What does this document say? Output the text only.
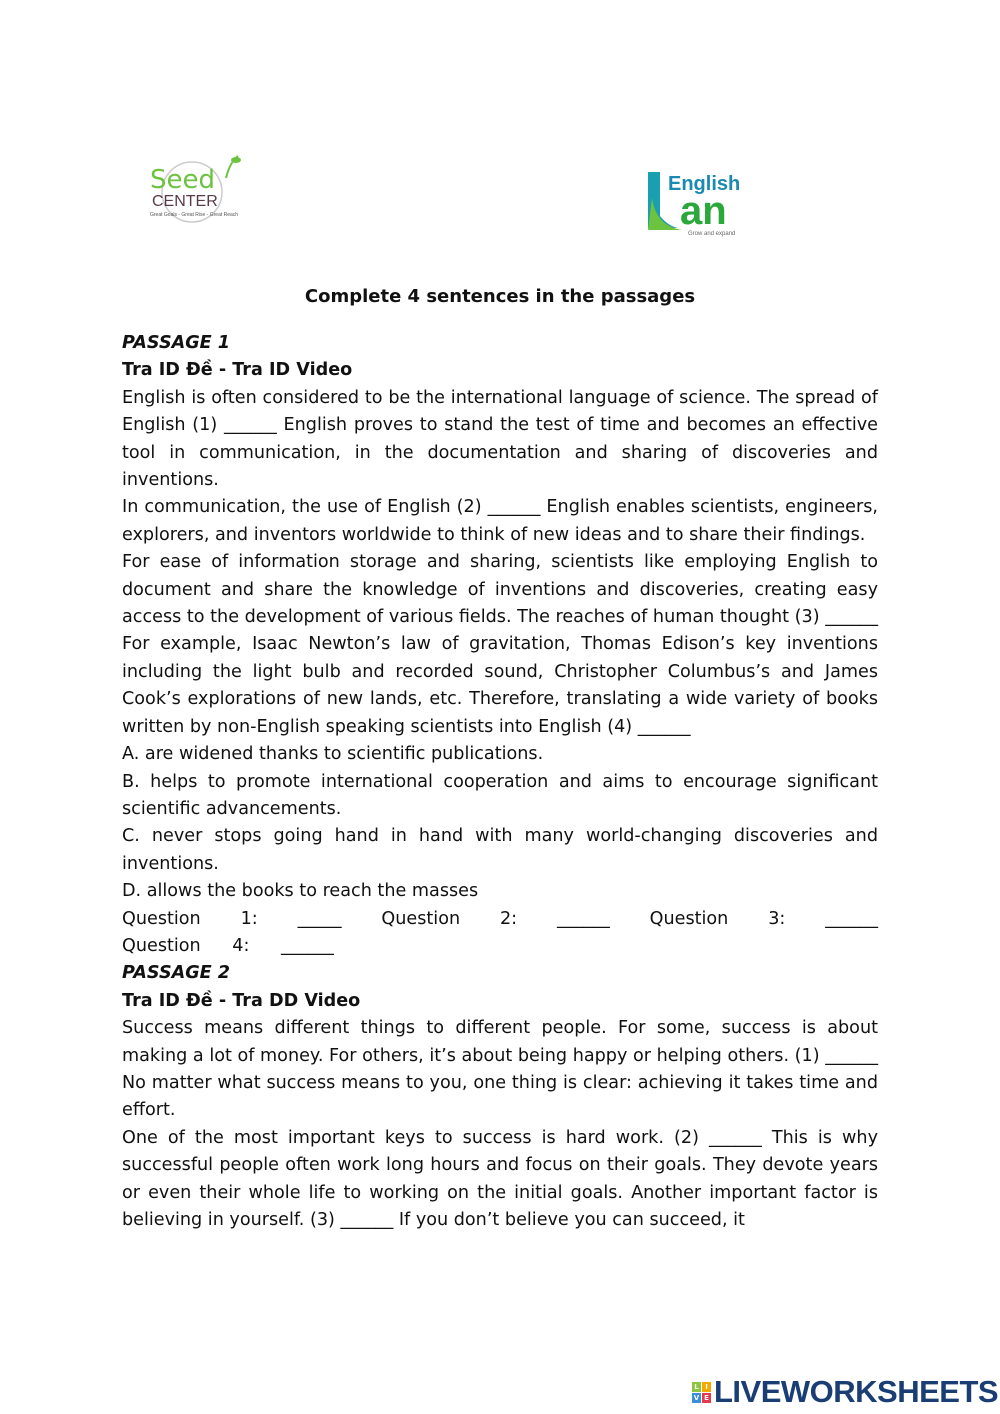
Seed
CENTER
Great Goals - Great Rise - Great Reach
English
an
Grow and expand
Complete 4 sentences in the passages

PASSAGE 1

Tra ID Đề - Tra ID Video

English is often considered to be the international language of science. The spread of English (1) ______ English proves to stand the test of time and becomes an effective tool in communication, in the documentation and sharing of discoveries and inventions.

In communication, the use of English (2) ______ English enables scientists, engineers, explorers, and inventors worldwide to think of new ideas and to share their findings.

For ease of information storage and sharing, scientists like employing English to document and share the knowledge of inventions and discoveries, creating easy access to the development of various fields. The reaches of human thought (3) ______ For example, Isaac Newton’s law of gravitation, Thomas Edison’s key inventions including the light bulb and recorded sound, Christopher Columbus’s and James Cook’s explorations of new lands, etc. Therefore, translating a wide variety of books written by non-English speaking scientists into English (4) ______

A. are widened thanks to scientific publications.

B. helps to promote international cooperation and aims to encourage significant scientific advancements.

C. never stops going hand in hand with many world-changing discoveries and inventions.

D. allows the books to reach the masses

Question 1: _____ Question 2: ______ Question 3: ______ Question 4: ______

PASSAGE 2

Tra ID Đề - Tra DD Video

Success means different things to different people. For some, success is about making a lot of money. For others, it’s about being happy or helping others. (1) ______ No matter what success means to you, one thing is clear: achieving it takes time and effort.

One of the most important keys to success is hard work. (2) ______ This is why successful people often work long hours and focus on their goals. They devote years or even their whole life to working on the initial goals. Another important factor is believing in yourself. (3) ______ If you don’t believe you can succeed, it

L I
V E LIVEWORKSHEETS
